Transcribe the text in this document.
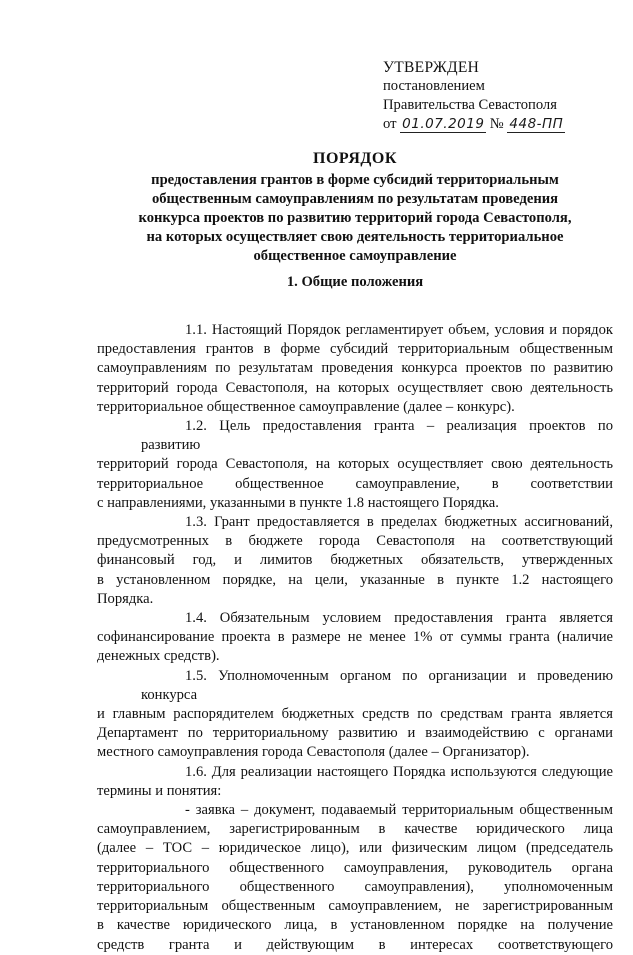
УТВЕРЖДЕН
постановлением
Правительства Севастополя
от 01.07.2019 № 448-ПП
ПОРЯДОК
предоставления грантов в форме субсидий территориальным
общественным самоуправлениям по результатам проведения
конкурса проектов по развитию территорий города Севастополя,
на которых осуществляет свою деятельность территориальное
общественное самоуправление
1. Общие положения
1.1. Настоящий Порядок регламентирует объем, условия и порядок
предоставления грантов в форме субсидий территориальным общественным
самоуправлениям по результатам проведения конкурса проектов по развитию
территорий города Севастополя, на которых осуществляет свою деятельность
территориальное общественное самоуправление (далее – конкурс).
1.2. Цель предоставления гранта – реализация проектов по развитию
территорий города Севастополя, на которых осуществляет свою деятельность
территориальное общественное самоуправление, в соответствии
с направлениями, указанными в пункте 1.8 настоящего Порядка.
1.3. Грант предоставляется в пределах бюджетных ассигнований,
предусмотренных в бюджете города Севастополя на соответствующий
финансовый год, и лимитов бюджетных обязательств, утвержденных
в установленном порядке, на цели, указанные в пункте 1.2 настоящего
Порядка.
1.4. Обязательным условием предоставления гранта является
софинансирование проекта в размере не менее 1% от суммы гранта (наличие
денежных средств).
1.5. Уполномоченным органом по организации и проведению конкурса
и главным распорядителем бюджетных средств по средствам гранта является
Департамент по территориальному развитию и взаимодействию с органами
местного самоуправления города Севастополя (далее – Организатор).
1.6. Для реализации настоящего Порядка используются следующие
термины и понятия:
- заявка – документ, подаваемый территориальным общественным
самоуправлением, зарегистрированным в качестве юридического лица
(далее – ТОС – юридическое лицо), или физическим лицом (председатель
территориального общественного самоуправления, руководитель органа
территориального общественного самоуправления), уполномоченным
территориальным общественным самоуправлением, не зарегистрированным
в качестве юридического лица, в установленном порядке на получение
средств гранта и действующим в интересах соответствующего
